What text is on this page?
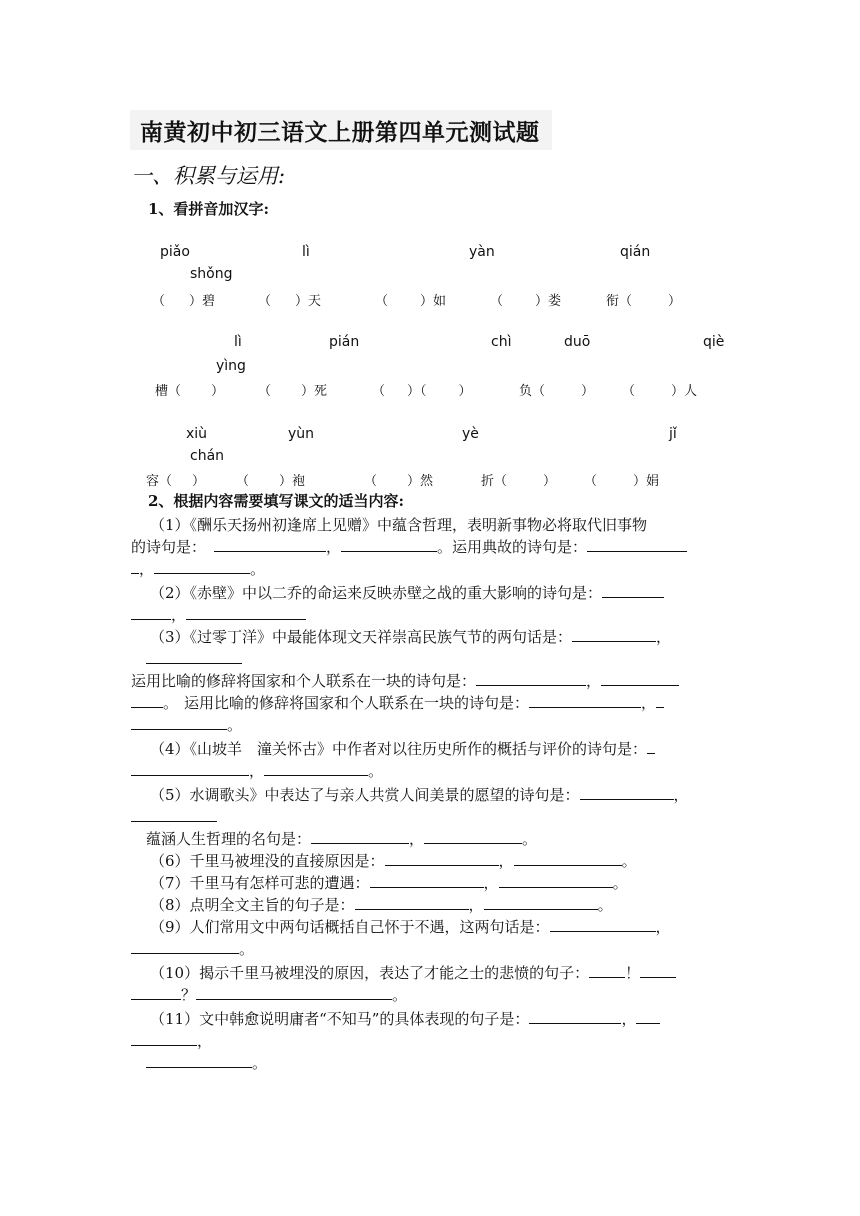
南黄初中初三语文上册第四单元测试题
一、积累与运用:
1、看拼音加汉字:
piǎo	lì	yàn	qián
shǒng
（ ）碧	（ ）天	（ ）如	（ ）娄	衔（	）
lì	pián	chì	duō	qiè
yìng
槽（ ）	（ ）死	（ ）（ ）	负（	） （	）人
xiù	yùn	yè	jǐ
chán
容（ ） （ ）袍	（ ）然	折（	） （	）娟
2、根据内容需要填写课文的适当内容:
（1）《酬乐天扬州初逢席上见赠》中蕴含哲理，表明新事物必将取代旧事物
的诗句是：	，	。运用典故的诗句是：
，	。
（2）《赤壁》中以二乔的命运来反映赤壁之战的重大影响的诗句是：
，
（3）《过零丁洋》中最能体现文天祥崇高民族气节的两句话是：	，
运用比喻的修辞将国家和个人联系在一块的诗句是：	，
。 运用比喻的修辞将国家和个人联系在一块的诗句是：	，
。
（4）《山坡羊　潼关怀古》中作者对以往历史所作的概括与评价的诗句是：
，	。
（5）水调歌头》中表达了与亲人共赏人间美景的愿望的诗句是：	，
蕴涵人生哲理的名句是：	，	。
（6）千里马被埋没的直接原因是：	，	。
（7）千里马有怎样可悲的遭遇：	，	。
（8）点明全文主旨的句子是：	，	。
（9）人们常用文中两句话概括自己怀于不遇，这两句话是：	，
。
（10）揭示千里马被埋没的原因，表达了才能之士的悲愤的句子： ！
？	。
（11）文中韩愈说明庸者“不知马”的具体表现的句子是：	，
，
。
